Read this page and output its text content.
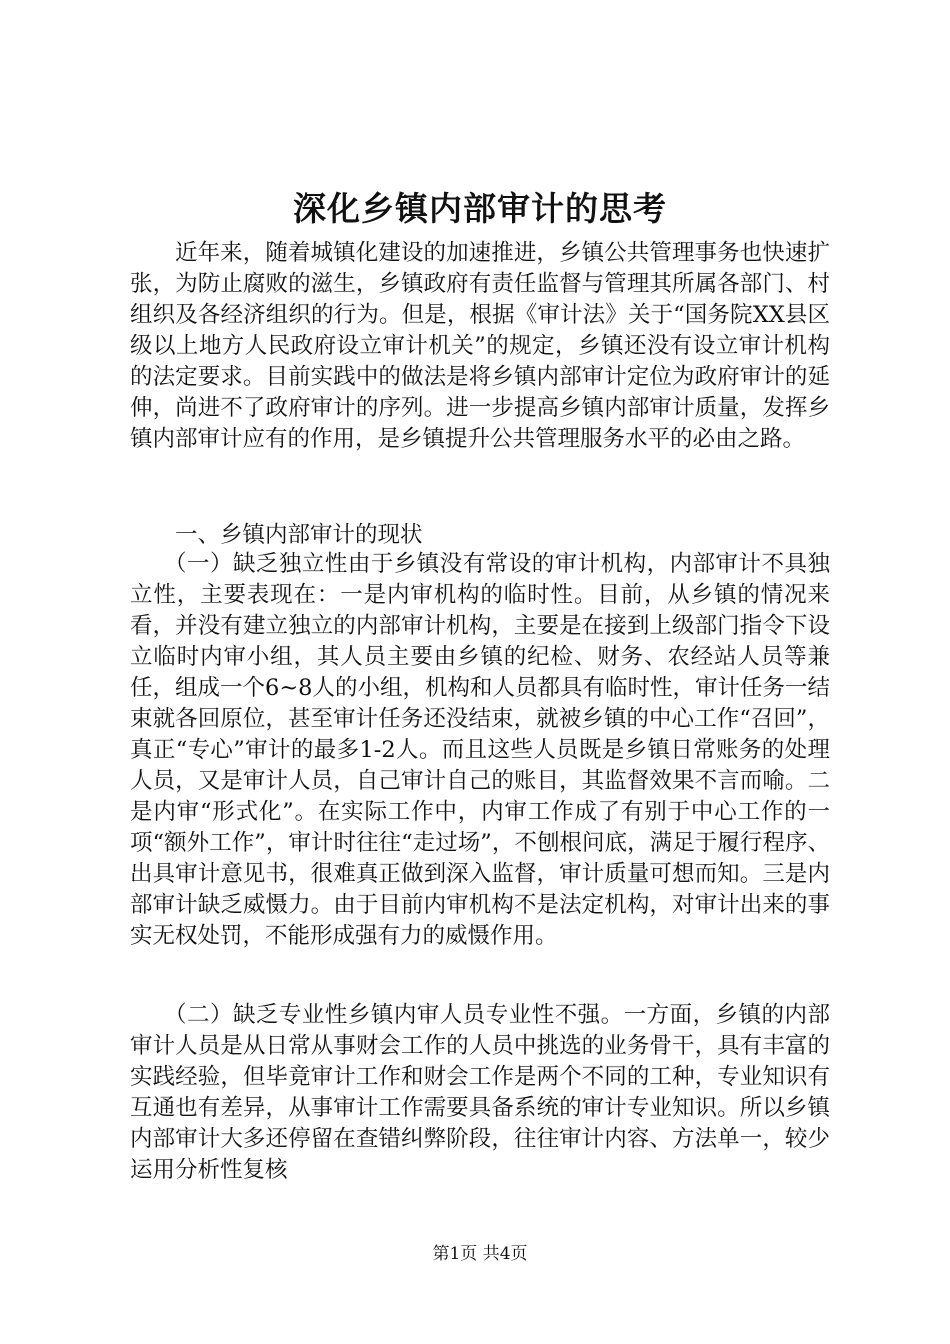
深化乡镇内部审计的思考

近年来，随着城镇化建设的加速推进，乡镇公共管理事务也快速扩张，为防止腐败的滋生，乡镇政府有责任监督与管理其所属各部门、村组织及各经济组织的行为。但是，根据《审计法》关于“国务院XX县区级以上地方人民政府设立审计机关”的规定，乡镇还没有设立审计机构的法定要求。目前实践中的做法是将乡镇内部审计定位为政府审计的延伸，尚进不了政府审计的序列。进一步提高乡镇内部审计质量，发挥乡镇内部审计应有的作用，是乡镇提升公共管理服务水平的必由之路。

一、乡镇内部审计的现状

（一）缺乏独立性由于乡镇没有常设的审计机构，内部审计不具独立性，主要表现在：一是内审机构的临时性。目前，从乡镇的情况来看，并没有建立独立的内部审计机构，主要是在接到上级部门指令下设立临时内审小组，其人员主要由乡镇的纪检、财务、农经站人员等兼任，组成一个6~8人的小组，机构和人员都具有临时性，审计任务一结束就各回原位，甚至审计任务还没结束，就被乡镇的中心工作“召回”，真正“专心”审计的最多1-2人。而且这些人员既是乡镇日常账务的处理人员，又是审计人员，自己审计自己的账目，其监督效果不言而喻。二是内审“形式化”。在实际工作中，内审工作成了有别于中心工作的一项“额外工作”，审计时往往“走过场”，不刨根问底，满足于履行程序、出具审计意见书，很难真正做到深入监督，审计质量可想而知。三是内部审计缺乏威慑力。由于目前内审机构不是法定机构，对审计出来的事实无权处罚，不能形成强有力的威慑作用。

（二）缺乏专业性乡镇内审人员专业性不强。一方面，乡镇的内部审计人员是从日常从事财会工作的人员中挑选的业务骨干，具有丰富的实践经验，但毕竟审计工作和财会工作是两个不同的工种，专业知识有互通也有差异，从事审计工作需要具备系统的审计专业知识。所以乡镇内部审计大多还停留在查错纠弊阶段，往往审计内容、方法单一，较少运用分析性复核

第1页 共4页
